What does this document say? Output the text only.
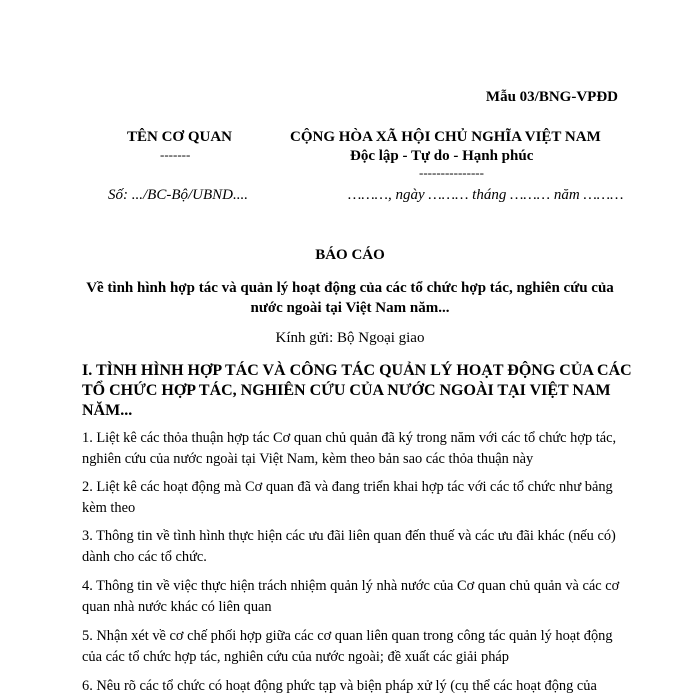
Mẫu 03/BNG-VPĐD
TÊN CƠ QUAN
-------
CỘNG HÒA XÃ HỘI CHỦ NGHĨA VIỆT NAM
Độc lập - Tự do - Hạnh phúc
---------------
Số: .../BC-Bộ/UBND....	………, ngày ……… tháng ……… năm ………
BÁO CÁO
Về tình hình hợp tác và quản lý hoạt động của các tổ chức hợp tác, nghiên cứu của nước ngoài tại Việt Nam năm...
Kính gửi: Bộ Ngoại giao
I. TÌNH HÌNH HỢP TÁC VÀ CÔNG TÁC QUẢN LÝ HOẠT ĐỘNG CỦA CÁC TỔ CHỨC HỢP TÁC, NGHIÊN CỨU CỦA NƯỚC NGOÀI TẠI VIỆT NAM NĂM...
1. Liệt kê các thỏa thuận hợp tác Cơ quan chủ quản đã ký trong năm với các tổ chức hợp tác, nghiên cứu của nước ngoài tại Việt Nam, kèm theo bản sao các thỏa thuận này
2. Liệt kê các hoạt động mà Cơ quan đã và đang triển khai hợp tác với các tổ chức như bảng kèm theo
3. Thông tin về tình hình thực hiện các ưu đãi liên quan đến thuế và các ưu đãi khác (nếu có) dành cho các tổ chức.
4. Thông tin về việc thực hiện trách nhiệm quản lý nhà nước của Cơ quan chủ quản và các cơ quan nhà nước khác có liên quan
5. Nhận xét về cơ chế phối hợp giữa các cơ quan liên quan trong công tác quản lý hoạt động của các tổ chức hợp tác, nghiên cứu của nước ngoài; đề xuất các giải pháp
6. Nêu rõ các tổ chức có hoạt động phức tạp và biện pháp xử lý (cụ thể các hoạt động của
